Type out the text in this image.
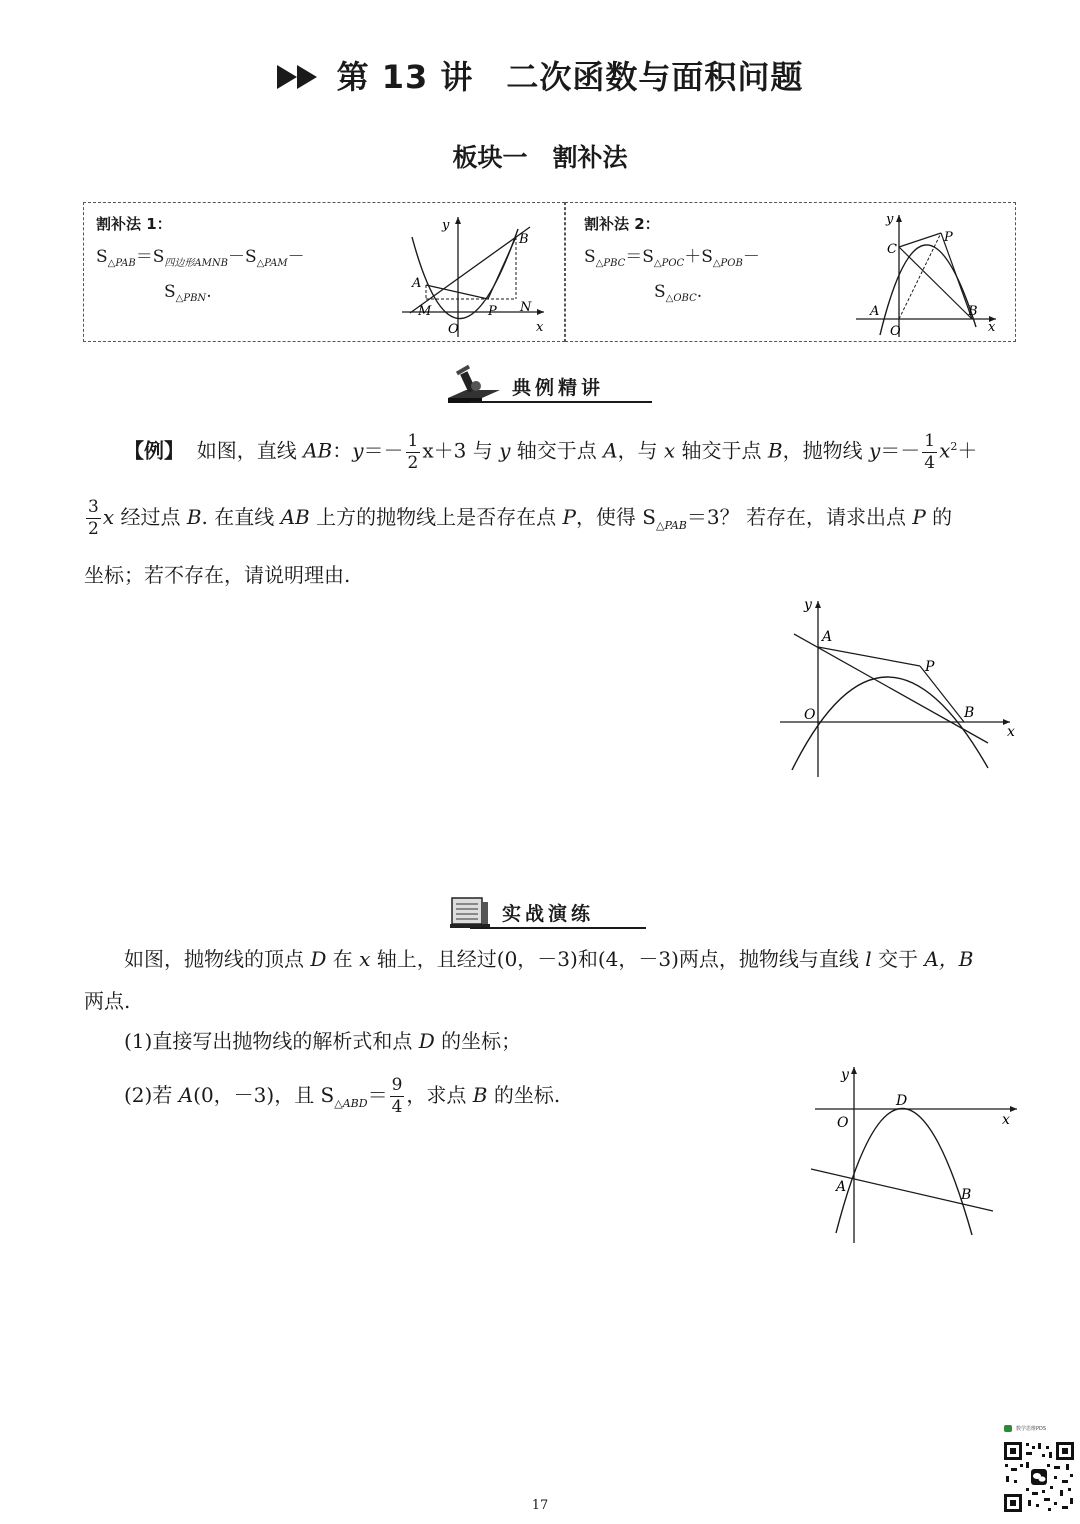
第 13 讲　二次函数与面积问题
板块一　割补法
割补法 1：
$S_{\triangle PAB}=S_{四边形AMNB}-S_{\triangle PAM}-$
$S_{\triangle PBN}$.
y
x
O
A
B
M	N
P
割补法 2：
$S_{\triangle PBC}=S_{\triangle POC}+S_{\triangle POB}-$
$S_{\triangle OBC}$.
y
x
O
A	B
C
P
典例精讲
【例】 如图，直线 AB：$y=- \frac{1}{2} x+3$ 与 y 轴交于点 A，与 x 轴交于点 B，抛物线 $y=- \frac{1}{4} x^2+$
$\frac{3}{2}$ x 经过点 B. 在直线 AB 上方的抛物线上是否存在点 P，使得 $S_{\triangle PAB}=3$？ 若存在，请求出点 P 的
坐标；若不存在，请说明理由.
y
x
O
A
B
P
实战演练
如图，抛物线的顶点 D 在 x 轴上，且经过(0，－3)和(4，－3)两点，抛物线与直线 l 交于 A，B
两点.
(1)直接写出抛物线的解析式和点 D 的坐标；
(2)若 A(0，－3)，且 $S_{\triangle ABD}= \frac{9}{4}$ ，求点 B 的坐标.
y
x
O
D
A	B
17
数学思维PDS
